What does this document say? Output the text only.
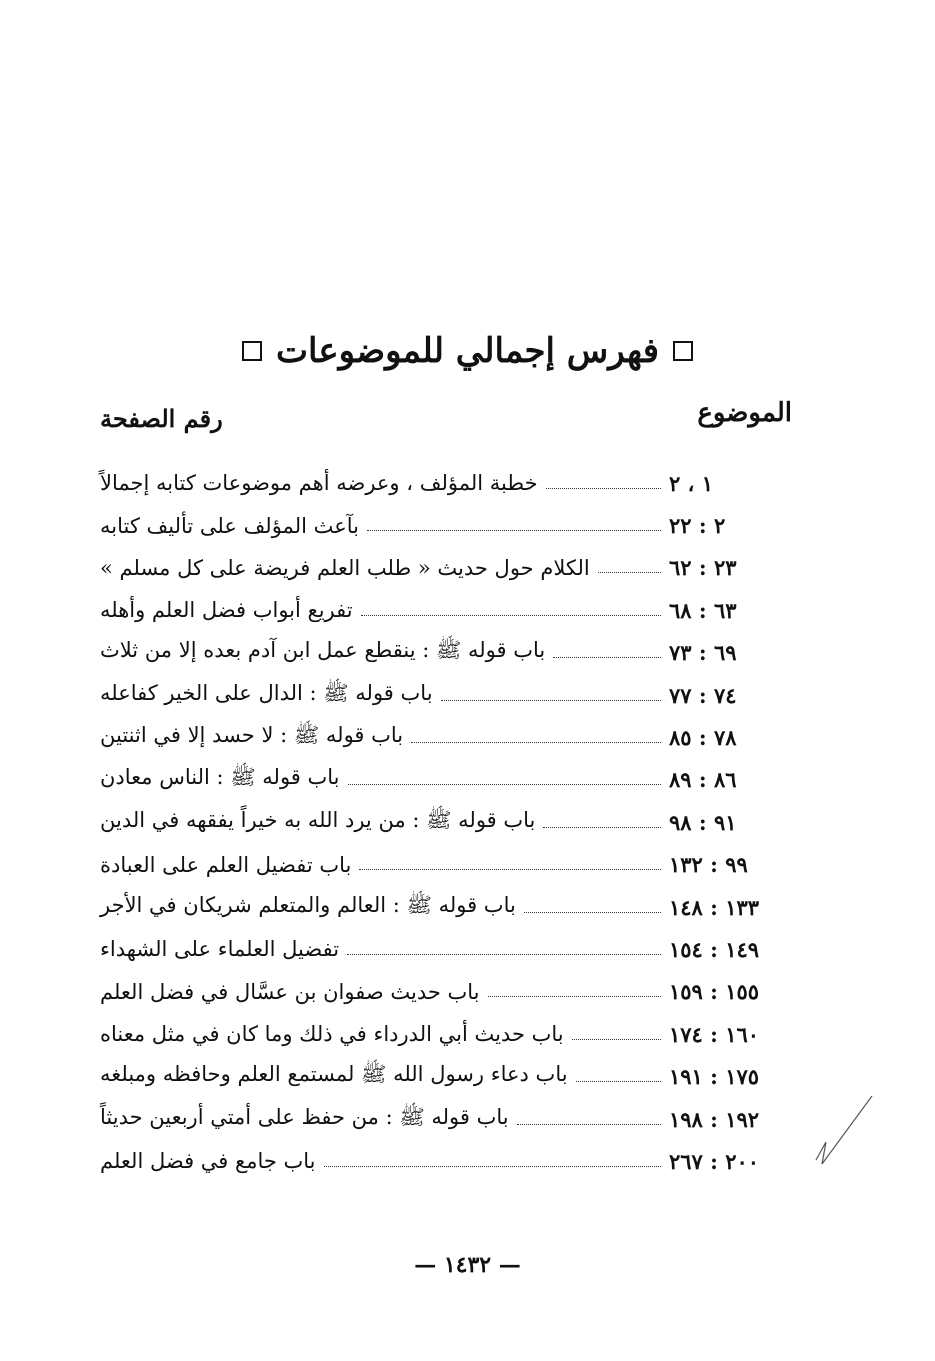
فهرس إجمالي للموضوعات
الموضوع
رقم الصفحة
خطبة المؤلف ، وعرضه أهم موضوعات كتابه إجمالاً	١ ، ٢
بآعث المؤلف على تأليف كتابه	٢ : ٢٢
الكلام حول حديث « طلب العلم فريضة على كل مسلم »	٢٣ : ٦٢
تفريع أبواب فضل العلم وأهله	٦٣ : ٦٨
باب قوله ﷺ : ينقطع عمل ابن آدم بعده إلا من ثلاث	٦٩ : ٧٣
باب قوله ﷺ : الدال على الخير كفاعله	٧٤ : ٧٧
باب قوله ﷺ : لا حسد إلا في اثنتين	٧٨ : ٨٥
باب قوله ﷺ : الناس معادن	٨٦ : ٨٩
باب قوله ﷺ : من يرد الله به خيراً يفقهه في الدين	٩١ : ٩٨
باب تفضيل العلم على العبادة	٩٩ : ١٣٢
باب قوله ﷺ : العالم والمتعلم شريكان في الأجر	١٣٣ : ١٤٨
تفضيل العلماء على الشهداء	١٤٩ : ١٥٤
باب حديث صفوان بن عسَّال في فضل العلم	١٥٥ : ١٥٩
باب حديث أبي الدرداء في ذلك وما كان في مثل معناه	١٦٠ : ١٧٤
باب دعاء رسول الله ﷺ لمستمع العلم وحافظه ومبلغه	١٧٥ : ١٩١
باب قوله ﷺ : من حفظ على أمتي أربعين حديثاً	١٩٢ : ١٩٨
باب جامع في فضل العلم	٢٠٠ : ٢٦٧
— ١٤٣٢ —
